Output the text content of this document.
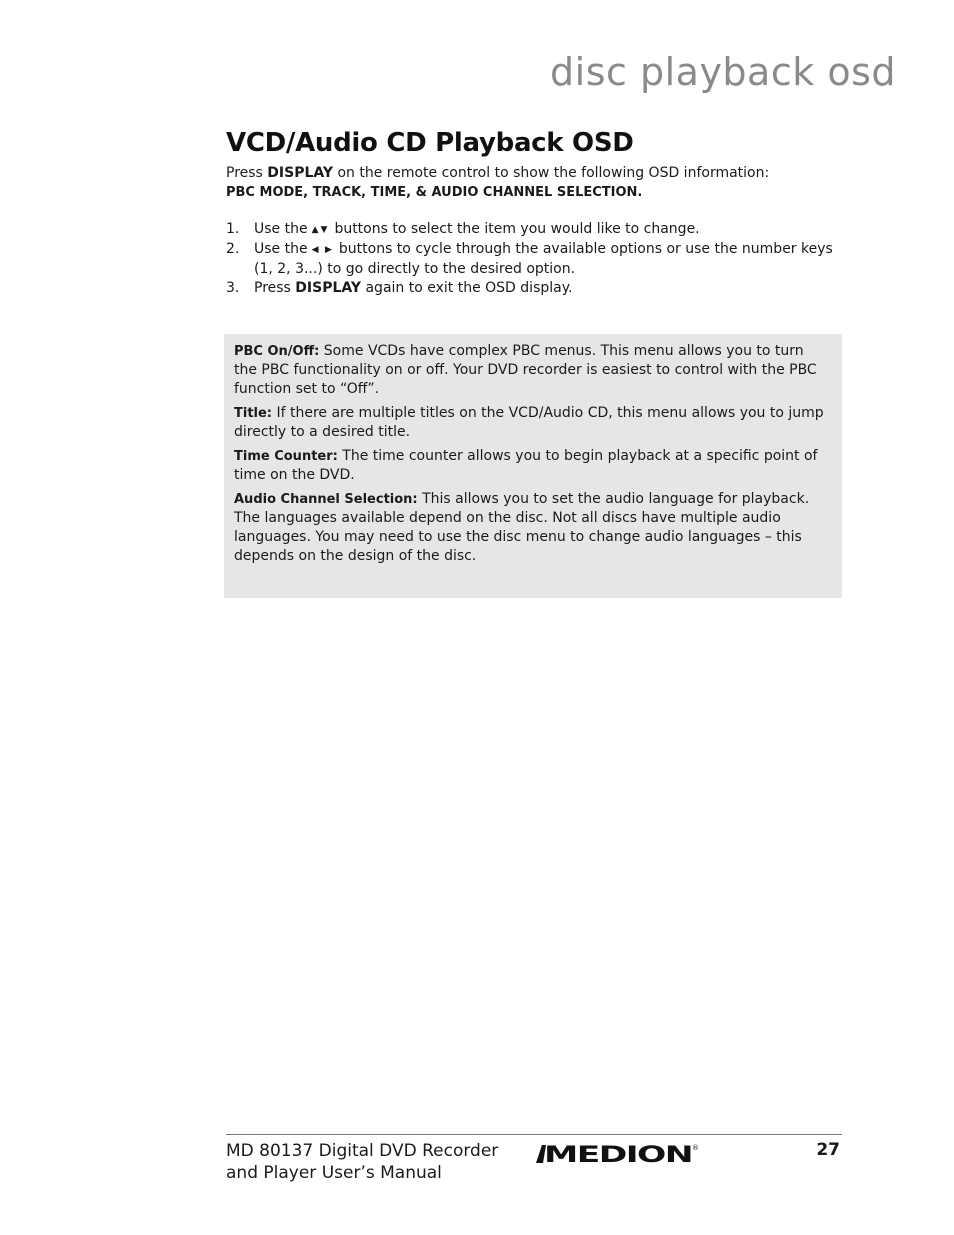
disc playback osd
VCD/Audio CD Playback OSD

Press DISPLAY on the remote control to show the following OSD information:

PBC MODE, TRACK, TIME, & AUDIO CHANNEL SELECTION.

1.	Use the ▲ ▼ buttons to select the item you would like to change.
2.	Use the ◀ ▶ buttons to cycle through the available options or use the number keys (1, 2, 3...) to go directly to the desired option.
3.	Press DISPLAY again to exit the OSD display.

PBC On/Off: Some VCDs have complex PBC menus. This menu allows you to turn the PBC functionality on or off. Your DVD recorder is easiest to control with the PBC function set to “Off”.

Title: If there are multiple titles on the VCD/Audio CD, this menu allows you to jump directly to a desired title.

Time Counter: The time counter allows you to begin playback at a specific point of time on the DVD.

Audio Channel Selection: This allows you to set the audio language for playback. The languages available depend on the disc. Not all discs have multiple audio languages. You may need to use the disc menu to change audio languages – this depends on the design of the disc.

MD 80137 Digital DVD Recorder
and Player User’s Manual

MEDION ®	27
